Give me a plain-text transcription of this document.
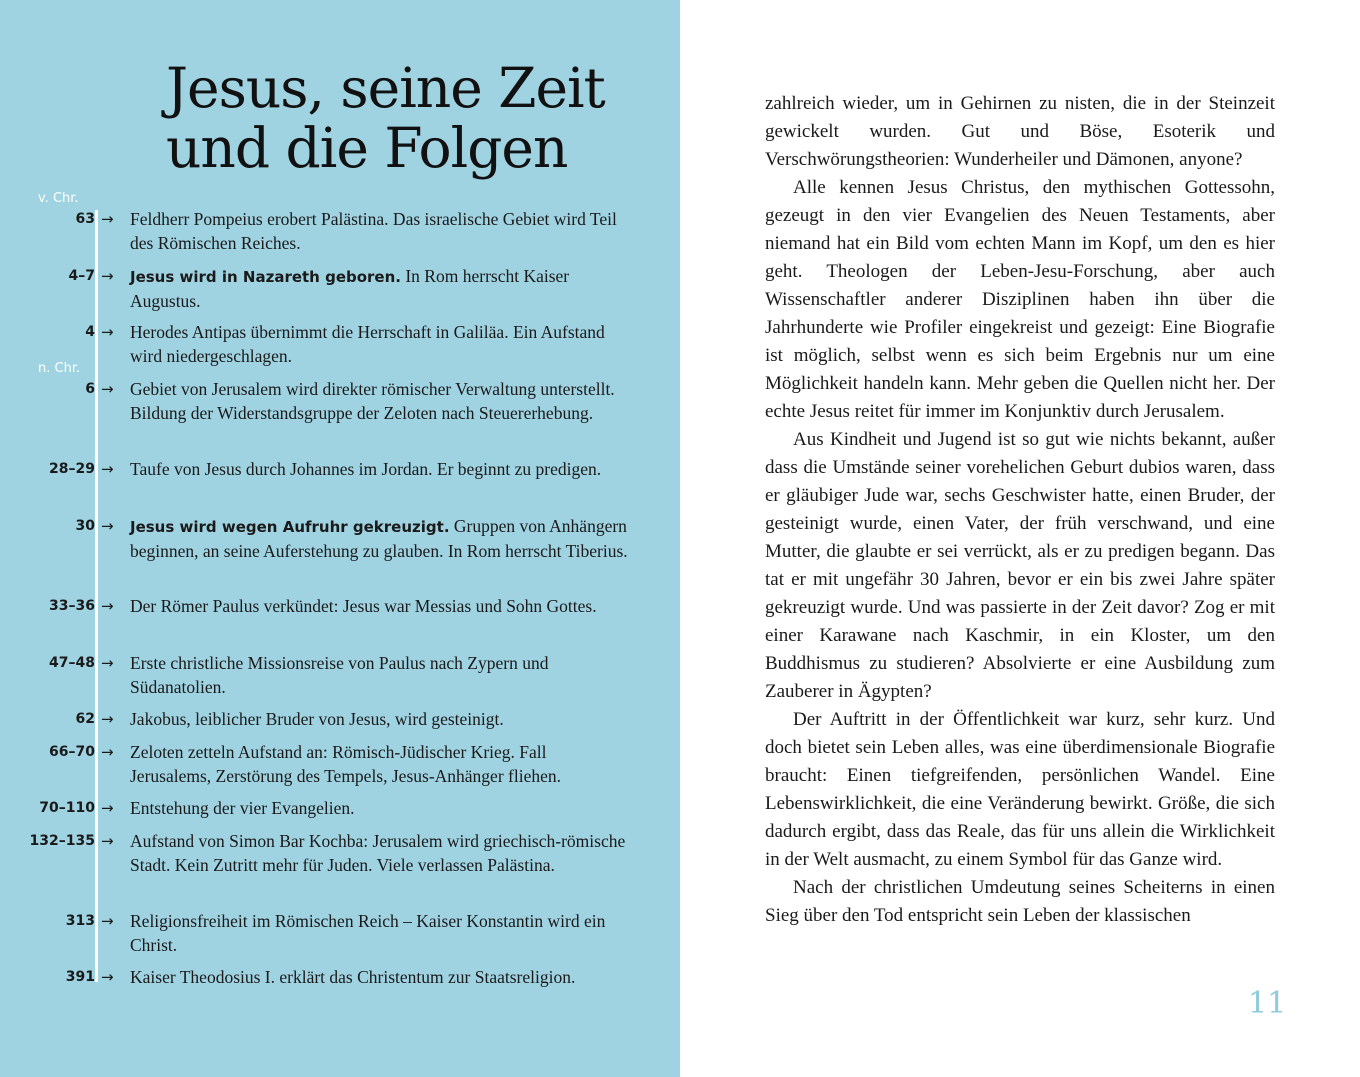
Jesus, seine Zeit
und die Folgen
v. Chr.
n. Chr.
63 → Feldherr Pompeius erobert Palästina. Das israelische Gebiet wird Teil des Römischen Reiches.

4–7 → Jesus wird in Nazareth geboren. In Rom herrscht Kaiser Augustus.

4 → Herodes Antipas übernimmt die Herrschaft in Galiläa. Ein Aufstand wird niedergeschlagen.

6 → Gebiet von Jerusalem wird direkter römischer Verwaltung unterstellt. Bildung der Widerstandsgruppe der Zeloten nach Steuererhebung.

28–29 → Taufe von Jesus durch Johannes im Jordan. Er beginnt zu predigen.

30 → Jesus wird wegen Aufruhr gekreuzigt. Gruppen von Anhängern beginnen, an seine Auferstehung zu glauben. In Rom herrscht Tiberius.

33–36 → Der Römer Paulus verkündet: Jesus war Messias und Sohn Gottes.

47–48 → Erste christliche Missionsreise von Paulus nach Zypern und Südanatolien.

62 → Jakobus, leiblicher Bruder von Jesus, wird gesteinigt.

66–70 → Zeloten zetteln Aufstand an: Römisch-Jüdischer Krieg. Fall Jerusalems, Zerstörung des Tempels, Jesus-Anhänger fliehen.

70–110 → Entstehung der vier Evangelien.

132–135 → Aufstand von Simon Bar Kochba: Jerusalem wird griechisch-römische Stadt. Kein Zutritt mehr für Juden. Viele verlassen Palästina.

313 → Religionsfreiheit im Römischen Reich – Kaiser Konstantin wird ein Christ.

391 → Kaiser Theodosius I. erklärt das Christentum zur Staatsreligion.

zahlreich wieder, um in Gehirnen zu nisten, die in der Steinzeit gewickelt wurden. Gut und Böse, Esoterik und Verschwörungstheorien: Wunderheiler und Dämonen, anyone?
Alle kennen Jesus Christus, den mythischen Gottessohn, gezeugt in den vier Evangelien des Neuen Testaments, aber niemand hat ein Bild vom echten Mann im Kopf, um den es hier geht. Theologen der Leben-Jesu-Forschung, aber auch Wissenschaftler anderer Disziplinen haben ihn über die Jahrhunderte wie Profiler eingekreist und gezeigt: Eine Biografie ist möglich, selbst wenn es sich beim Ergebnis nur um eine Möglichkeit handeln kann. Mehr geben die Quellen nicht her. Der echte Jesus reitet für immer im Konjunktiv durch Jerusalem.
Aus Kindheit und Jugend ist so gut wie nichts bekannt, außer dass die Umstände seiner vorehelichen Geburt dubios waren, dass er gläubiger Jude war, sechs Geschwister hatte, einen Bruder, der gesteinigt wurde, einen Vater, der früh verschwand, und eine Mutter, die glaubte er sei verrückt, als er zu predigen begann. Das tat er mit ungefähr 30 Jahren, bevor er ein bis zwei Jahre später gekreuzigt wurde. Und was passierte in der Zeit davor? Zog er mit einer Karawane nach Kaschmir, in ein Kloster, um den Buddhismus zu studieren? Absolvierte er eine Ausbildung zum Zauberer in Ägypten?
Der Auftritt in der Öffentlichkeit war kurz, sehr kurz. Und doch bietet sein Leben alles, was eine überdimensionale Biografie braucht: Einen tiefgreifenden, persönlichen Wandel. Eine Lebenswirklichkeit, die eine Veränderung bewirkt. Größe, die sich dadurch ergibt, dass das Reale, das für uns allein die Wirklichkeit in der Welt ausmacht, zu einem Symbol für das Ganze wird.
Nach der christlichen Umdeutung seines Scheiterns in einen Sieg über den Tod entspricht sein Leben der klassischen
11
